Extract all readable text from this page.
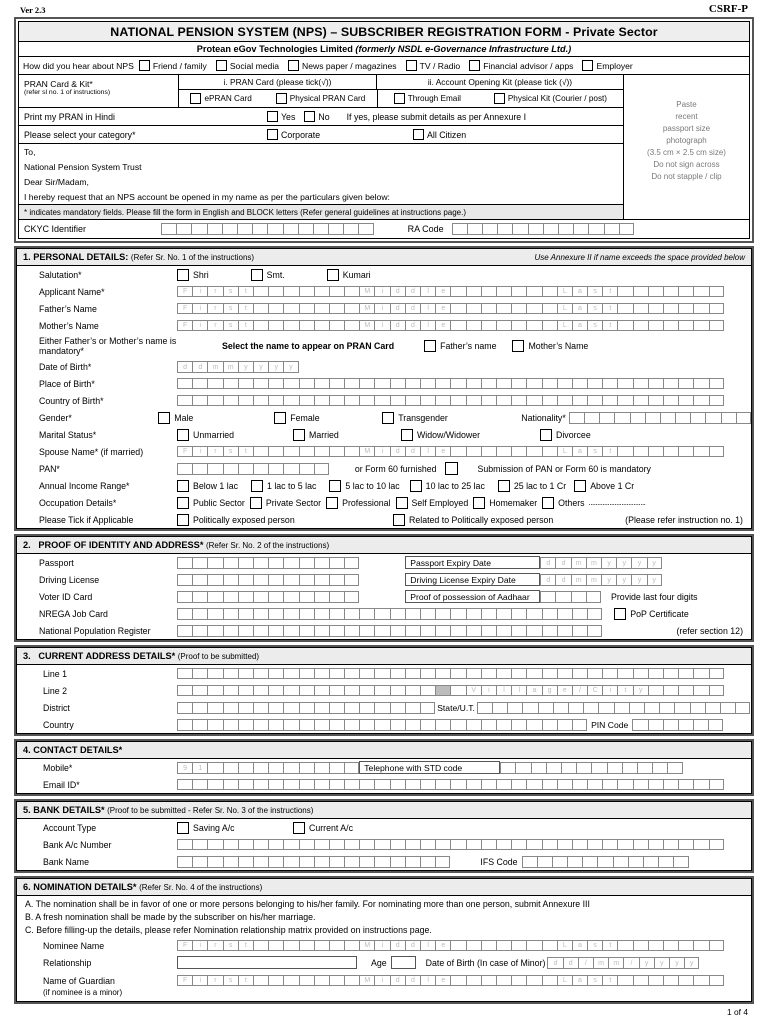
Ver 2.3	CSRF-P
NATIONAL PENSION SYSTEM (NPS) – SUBSCRIBER REGISTRATION FORM - Private Sector
Protean eGov Technologies Limited (formerly NSDL e-Governance Infrastructure Ltd.)
How did you hear about NPS	Friend / family	Social media	News paper / magazines	TV / Radio	Financial advisor / apps	Employer
PRAN Card & Kit*
(refer sl no. 1 of instructions)
i. PRAN Card (please tick(√))	ii. Account Opening Kit (please tick (√))
ePRAN Card	Physical PRAN Card	Through Email	Physical Kit (Courier / post)
Print my PRAN in Hindi	Yes	No If yes, please submit details as per Annexure I
Please select your category*	Corporate	All Citizen
To,
National Pension System Trust
Dear Sir/Madam,
I hereby request that an NPS account be opened in my name as per the particulars given below:
* indicates mandatory fields. Please fill the form in English and BLOCK letters (Refer general guidelines at instructions page.)
Paste
recent
passport size
photograph
(3.5 cm × 2.5 cm size)
Do not sign across
Do not stapple / clip
CKYC Identifier	RA Code
1. PERSONAL DETAILS: (Refer Sr. No. 1 of the instructions)	Use Annexure II if name exceeds the space provided below
Salutation*	Shri	Smt.	Kumari
Applicant Name*	F	i	r	s	t	M	i	d	d	l	e	L	a	s	t
Father’s Name	F	i	r	s	t	M	i	d	d	l	e	L	a	s	t
Mother’s Name	F	i	r	s	t	M	i	d	d	l	e	L	a	s	t
Either Father’s or Mother’s name is mandatory*	Select the name to appear on PRAN Card	Father’s name	Mother’s Name
Date of Birth*	d	d	m	m	y	y	y	y
Place of Birth*
Country of Birth*
Gender*	Male	Female	Transgender	Nationality*
Marital Status*	Unmarried	Married	Widow/Widower	Divorcee
Spouse Name* (if married)	F	i	r	s	t	M	i	d	d	l	e	L	a	s	t
PAN*	or Form 60 furnished	Submission of PAN or Form 60 is mandatory
Annual Income Range*	Below 1 lac	1 lac to 5 lac	5 lac to 10 lac	10 lac to 25 lac	25 lac to 1 Cr	Above 1 Cr
Occupation Details*	Public Sector Private Sector Professional Self Employed Homemaker Others .................................
Please Tick if Applicable	Politically exposed person	Related to Politically exposed person	(Please refer instruction no. 1)
2. PROOF OF IDENTITY AND ADDRESS* (Refer Sr. No. 2 of the instructions)
Passport	Passport Expiry Date	d	d	m	m	y	y	y	y
Driving License	Driving License Expiry Date	d	d	m	m	y	y	y	y
Voter ID Card	Proof of possession of Aadhaar	Provide last four digits
NREGA Job Card	PoP Certificate
National Population Register	(refer section 12)
3. CURRENT ADDRESS DETAILS* (Proof to be submitted)
Line 1
Line 2	V	i	l	l	a	g	e	/	C	i	t	y
District	State/U.T.
Country	PIN Code
4. CONTACT DETAILS*
Mobile*	9	1	Telephone with STD code
Email ID*
5. BANK DETAILS* (Proof to be submitted - Refer Sr. No. 3 of the instructions)
Account Type	Saving A/c	Current A/c
Bank A/c Number
Bank Name	IFS Code
6. NOMINATION DETAILS* (Refer Sr. No. 4 of the instructions)
A. The nomination shall be in favor of one or more persons belonging to his/her family. For nominating more than one person, submit Annexure III
B. A fresh nomination shall be made by the subscriber on his/her marriage.
C. Before filling-up the details, please refer Nomination relationship matrix provided on instructions page.
Nominee Name	F	i	r	s	t	M	i	d	d	l	e	L	a	s	t
Relationship	Age	Date of Birth (In case of Minor)	d	d	/	m	m	/	y	y	y	y
Name of Guardian	F	i	r	s	t	M	i	d	d	l	e	L	a	s	t
(if nominee is a minor)
1 of 4
